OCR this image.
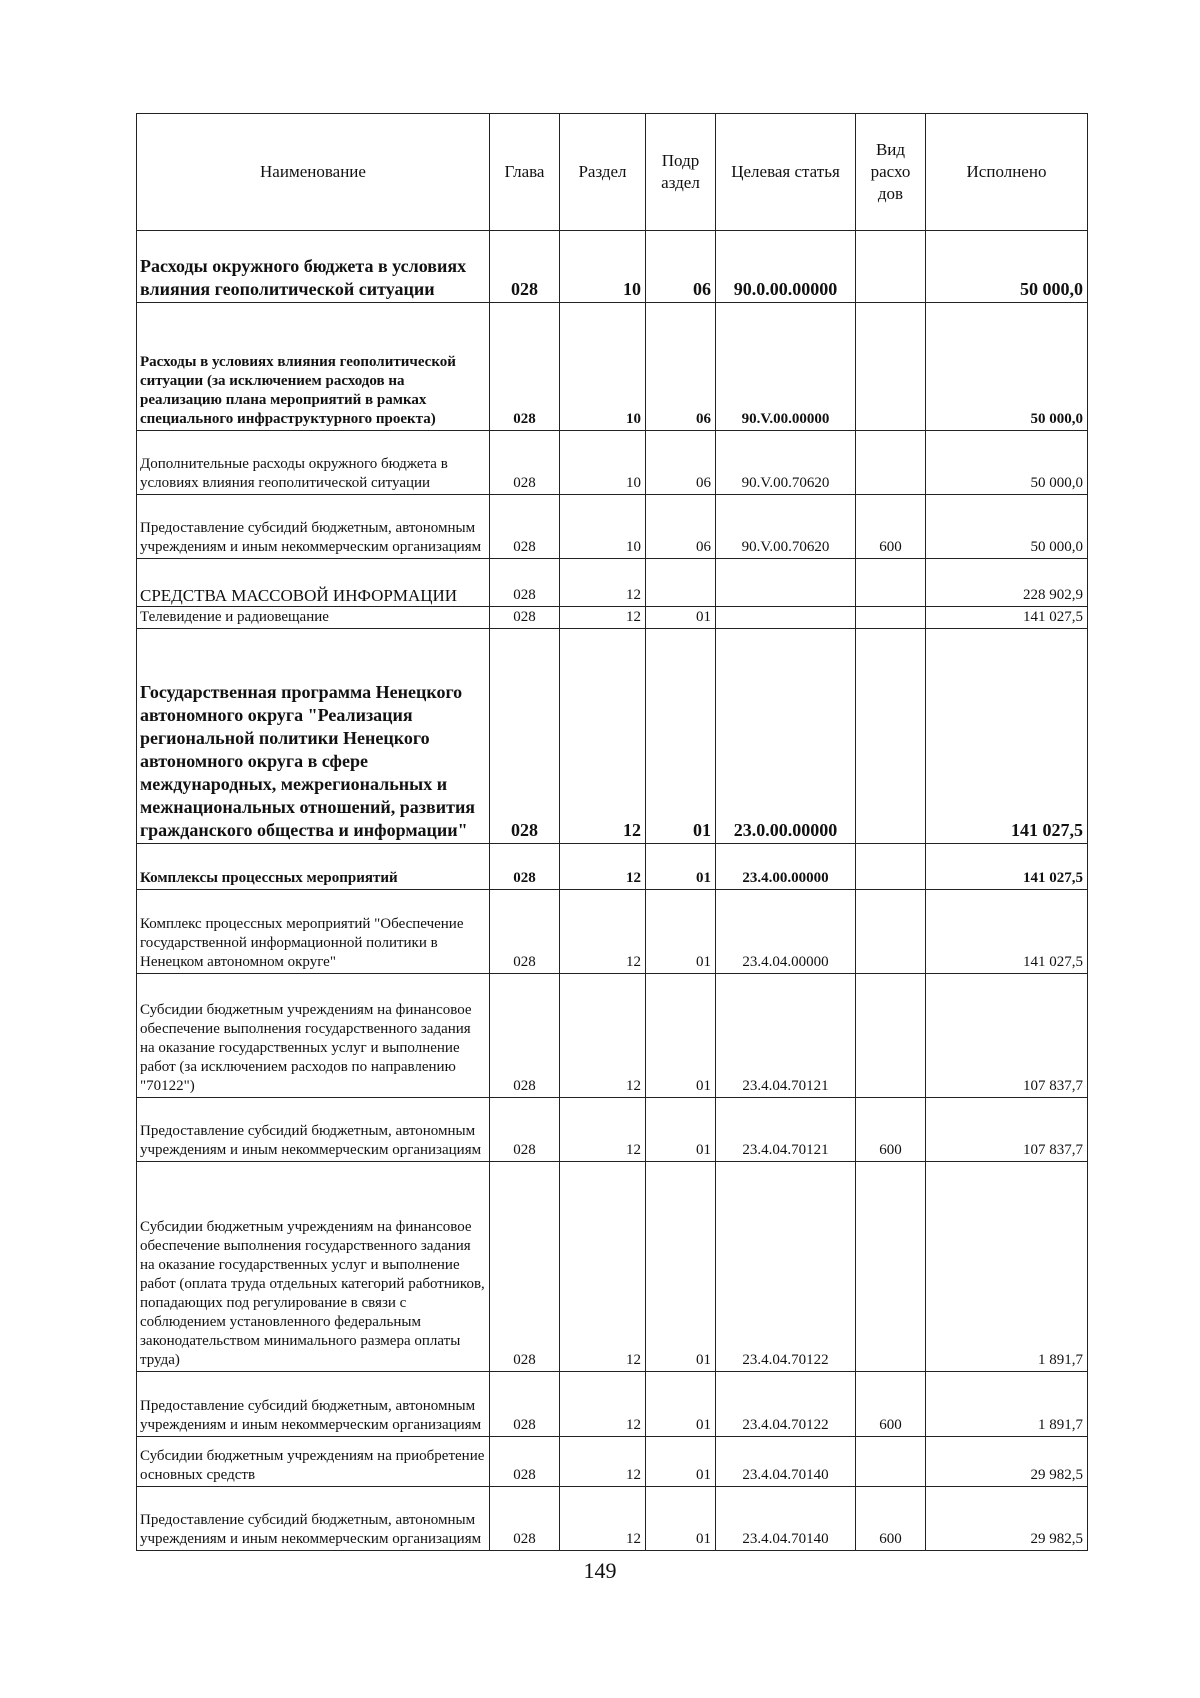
Наименование	Глава	Раздел	Подр аздел	Целевая статья	Вид расхо дов	Исполнено
Расходы окружного бюджета в условиях влияния геополитической ситуации	028	10	06	90.0.00.00000		50 000,0
Расходы в условиях влияния геополитической ситуации (за исключением расходов на реализацию плана мероприятий в рамках специального инфраструктурного проекта)	028	10	06	90.V.00.00000		50 000,0
Дополнительные расходы окружного бюджета в условиях влияния геополитической ситуации	028	10	06	90.V.00.70620		50 000,0
Предоставление субсидий бюджетным, автономным учреждениям и иным некоммерческим организациям	028	10	06	90.V.00.70620	600	50 000,0
СРЕДСТВА МАССОВОЙ ИНФОРМАЦИИ	028	12				228 902,9
Телевидение и радиовещание	028	12	01			141 027,5
Государственная программа Ненецкого автономного округа "Реализация региональной политики Ненецкого автономного округа в сфере международных, межрегиональных и межнациональных отношений, развития гражданского общества и информации"	028	12	01	23.0.00.00000		141 027,5
Комплексы процессных мероприятий	028	12	01	23.4.00.00000		141 027,5
Комплекс процессных мероприятий "Обеспечение государственной информационной политики в Ненецком автономном округе"	028	12	01	23.4.04.00000		141 027,5
Субсидии бюджетным учреждениям на финансовое обеспечение выполнения государственного задания на оказание государственных услуг и выполнение работ (за исключением расходов по направлению "70122")	028	12	01	23.4.04.70121		107 837,7
Предоставление субсидий бюджетным, автономным учреждениям и иным некоммерческим организациям	028	12	01	23.4.04.70121	600	107 837,7
Субсидии бюджетным учреждениям на финансовое обеспечение выполнения государственного задания на оказание государственных услуг и выполнение работ (оплата труда отдельных категорий работников, попадающих под регулирование в связи с соблюдением установленного федеральным законодательством минимального размера оплаты труда)	028	12	01	23.4.04.70122		1 891,7
Предоставление субсидий бюджетным, автономным учреждениям и иным некоммерческим организациям	028	12	01	23.4.04.70122	600	1 891,7
Субсидии бюджетным учреждениям на приобретение основных средств	028	12	01	23.4.04.70140		29 982,5
Предоставление субсидий бюджетным, автономным учреждениям и иным некоммерческим организациям	028	12	01	23.4.04.70140	600	29 982,5
149
